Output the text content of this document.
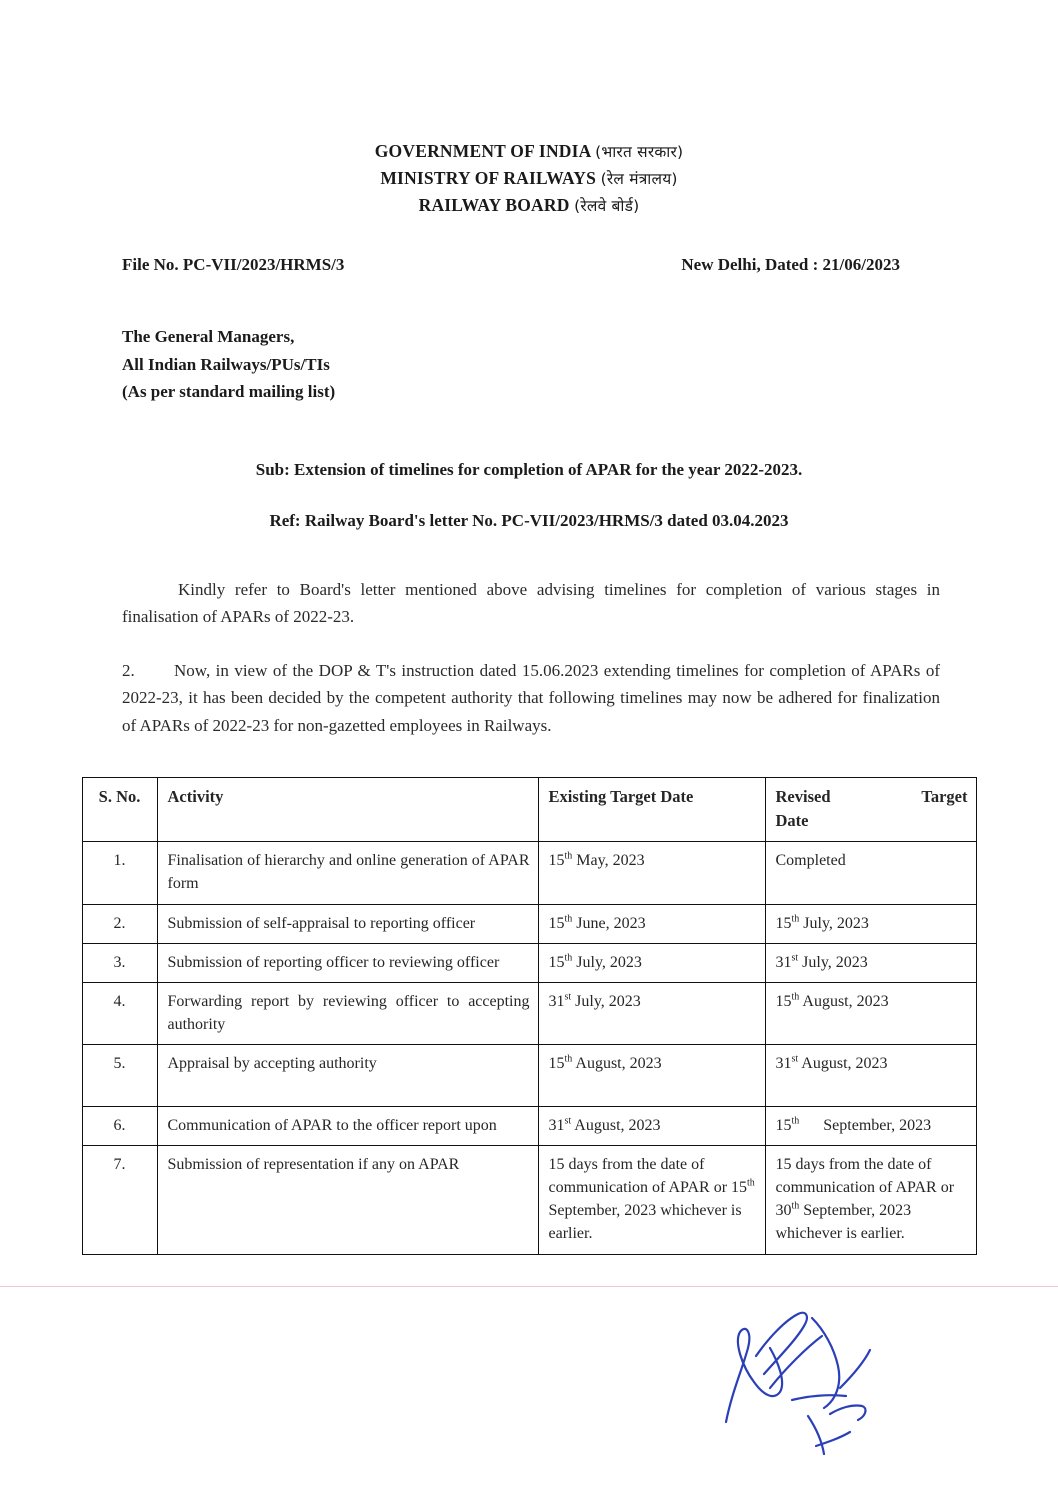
GOVERNMENT OF INDIA (भारत सरकार)
MINISTRY OF RAILWAYS (रेल मंत्रालय)
RAILWAY BOARD (रेलवे बोर्ड)
File No. PC-VII/2023/HRMS/3	New Delhi, Dated : 21/06/2023
The General Managers,
All Indian Railways/PUs/TIs
(As per standard mailing list)
Sub: Extension of timelines for completion of APAR for the year 2022-2023.
Ref: Railway Board's letter No. PC-VII/2023/HRMS/3 dated 03.04.2023
Kindly refer to Board's letter mentioned above advising timelines for completion of various stages in finalisation of APARs of 2022-23.
2. Now, in view of the DOP & T's instruction dated 15.06.2023 extending timelines for completion of APARs of 2022-23, it has been decided by the competent authority that following timelines may now be adhered for finalization of APARs of 2022-23 for non-gazetted employees in Railways.
S. No.	Activity	Existing Target Date	Revised Target
Date
1.	Finalisation of hierarchy and online generation of APAR form	15th May, 2023	Completed
2.	Submission of self-appraisal to reporting officer	15th June, 2023	15th July, 2023
3.	Submission of reporting officer to reviewing officer	15th July, 2023	31st July, 2023
4.	Forwarding report by reviewing officer to accepting authority	31st July, 2023	15th August, 2023
5.	Appraisal by accepting authority	15th August, 2023	31st August, 2023
6.	Communication of APAR to the officer report upon	31st August, 2023	15th      September, 2023
7.	Submission of representation if any on APAR	15 days from the date of communication of APAR or 15th September, 2023 whichever is earlier.	15 days from the date of communication of APAR or 30th September, 2023 whichever is earlier.
